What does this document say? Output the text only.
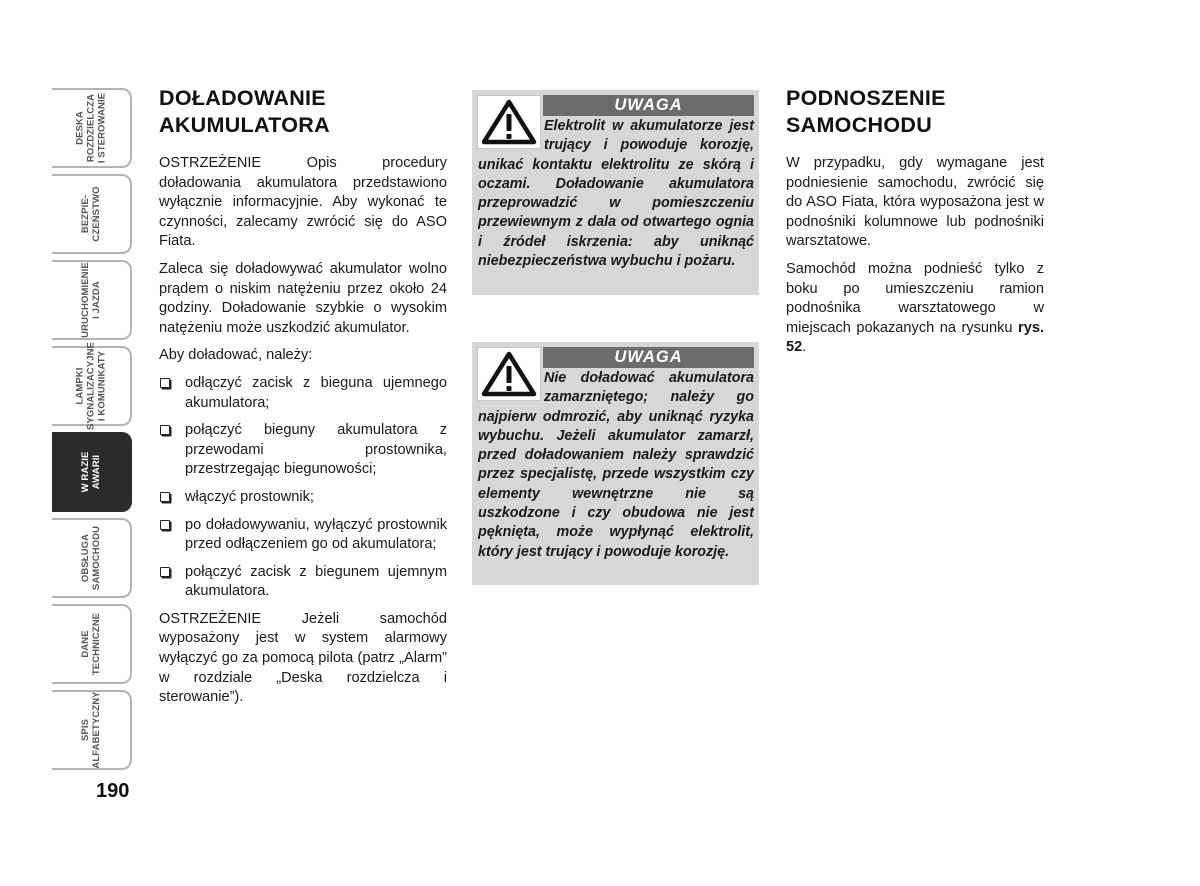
DESKA
ROZDZIELCZA
I STEROWANIE
BEZPIE-
CZEŃSTWO
URUCHOMIENIE
I JAZDA
LAMPKI
SYGNALIZACYJNE
I KOMUNIKATY
W RAZIE
AWARII
OBSŁUGA
SAMOCHODU
DANE
TECHNICZNE
SPIS
ALFABETYCZNY
190
DOŁADOWANIE AKUMULATORA

OSTRZEŻENIE Opis procedury doładowania akumulatora przedstawiono wyłącznie informacyjnie. Aby wykonać te czynności, zalecamy zwrócić się do ASO Fiata.

Zaleca się doładowywać akumulator wolno prądem o niskim natężeniu przez około 24 godziny. Doładowanie szybkie o wysokim natężeniu może uszkodzić akumulator.

Aby doładować, należy:

odłączyć zacisk z bieguna ujemnego akumulatora;
połączyć bieguny akumulatora z przewodami prostownika, przestrzegając biegunowości;
włączyć prostownik;
po doładowywaniu, wyłączyć prostownik przed odłączeniem go od akumulatora;
połączyć zacisk z biegunem ujemnym akumulatora.

OSTRZEŻENIE Jeżeli samochód wyposażony jest w system alarmowy wyłączyć go za pomocą pilota (patrz „Alarm” w rozdziale „Deska rozdzielcza i sterowanie”).

UWAGA

Elektrolit w akumulatorze jest trujący i powoduje korozję, unikać kontaktu elektrolitu ze skórą i oczami. Doładowanie akumulatora przeprowadzić w pomieszczeniu przewiewnym z dala od otwartego ognia i źródeł iskrzenia: aby uniknąć niebezpieczeństwa wybuchu i pożaru.

UWAGA

Nie doładować akumulatora zamarzniętego; należy go najpierw odmrozić, aby uniknąć ryzyka wybuchu. Jeżeli akumulator zamarzł, przed doładowaniem należy sprawdzić przez specjalistę, przede wszystkim czy elementy wewnętrzne nie są uszkodzone i czy obudowa nie jest pęknięta, może wypłynąć elektrolit, który jest trujący i powoduje korozję.

PODNOSZENIE SAMOCHODU

W przypadku, gdy wymagane jest podniesienie samochodu, zwrócić się do ASO Fiata, która wyposażona jest w podnośniki kolumnowe lub podnośniki warsztatowe.

Samochód można podnieść tylko z boku po umieszczeniu ramion podnośnika warsztatowego w miejscach pokazanych na rysunku rys. 52.
